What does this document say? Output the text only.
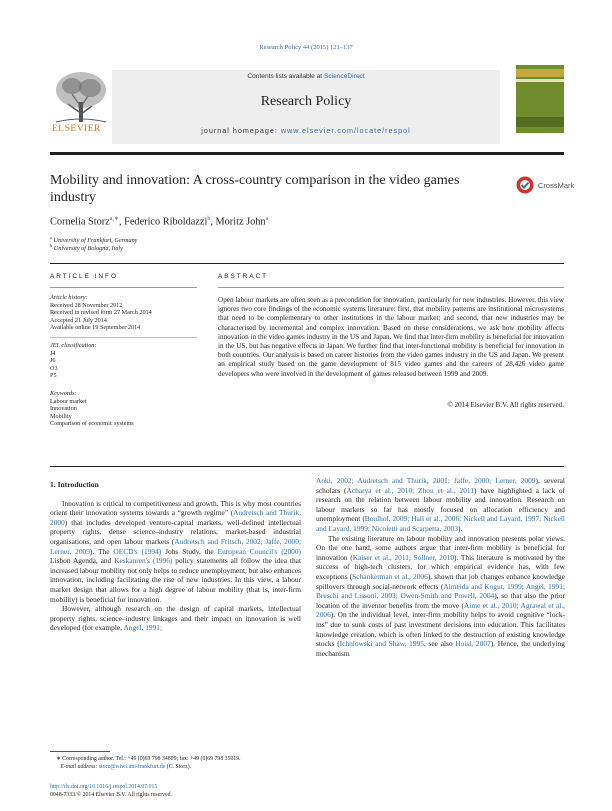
Research Policy 44 (2015) 121–137
Contents lists available at ScienceDirect
Research Policy
journal homepage: www.elsevier.com/locate/respol
ELSEVIER
Mobility and innovation: A cross-country comparison in the video games industry
CrossMark
Cornelia Storz$^{a,∗}$, Federico Riboldazzi$^b$, Moritz John$^a$
$^a$ University of Frankfurt, Germany
$^b$ University of Bologna, Italy
ARTICLE INFO
Article history:
Received 28 November 2012
Received in revised form 27 March 2014
Accepted 21 July 2014
Available online 19 September 2014
JEL classification:
J4
J6
O3
P5
Keywords:
Labour market
Innovation
Mobility
Comparison of economic systems
ABSTRACT
Open labour markets are often seen as a precondition for innovation, particularly for new industries. However, this view ignores two core findings of the economic systems literature: first, that mobility patterns are institutional microsystems that need to be complementary to other institutions in the labour market; and second, that new industries may be characterised by incremental and complex innovation. Based on these considerations, we ask how mobility affects innovation in the video games industry in the US and Japan. We find that inter-firm mobility is beneficial for innovation in the US, but has negative effects in Japan. We further find that inter-functional mobility is beneficial for innovation in both countries. Our analysis is based on career histories from the video games industry in the US and Japan. We present an empirical study based on the game development of 815 video games and the careers of 28,426 video game developers who were involved in the development of games released between 1999 and 2009.
© 2014 Elsevier B.V. All rights reserved.

1. Introduction

Innovation is critical to competitiveness and growth. This is why most countries orient their innovation systems towards a “growth regime” (Audretsch and Thurik, 2000) that includes developed venture-capital markets, well-defined intellectual property rights, dense science–industry relations, market-based industrial organisations, and open labour markets (Audretsch and Fritsch, 2002; Jaffe, 2000; Lerner, 2009). The OECD's (1994) Jobs Study, the European Council's (2000) Lisbon Agenda, and Keskanren's (1996) policy statements all follow the idea that increased labour mobility not only helps to reduce unemployment, but also enhances innovation, including facilitating the rise of new industries. In this view, a labour market design that allows for a high degree of labour mobility (that is, inter-firm mobility) is beneficial for innovation.

However, although research on the design of capital markets, intellectual property rights, science–industry linkages and their impact on innovation is well developed (for example, Angel, 1991;

Aoki, 2002; Audretsch and Thurik, 2001; Jaffe, 2000; Lerner, 2009), several scholars (Acharya et al., 2010; Zhou et al., 2011) have highlighted a lack of research on the relation between labour mobility and innovation. Research on labour markets so far has mostly focused on allocation efficiency and unemployment (Boulhol, 2009; Hall et al., 2006; Nickell and Layard, 1997; Nickell and Layard, 1999; Nicoletti and Scarpetta, 2003).

The existing literature on labour mobility and innovation presents polar views. On the one hand, some authors argue that inter-firm mobility is beneficial for innovation (Kaiser et al., 2011; Söllner, 2010). This literature is motivated by the success of high-tech clusters, for which empirical evidence has, with few exceptions (Schankerman et al., 2006), shown that job changes enhance knowledge spillovers through social-network effects (Almeida and Kogut, 1999; Angel, 1991; Breschi and Lissoni, 2003; Owen-Smith and Powell, 2004), so that also the prior location of the inventor benefits from the move (Aime et al., 2010; Agrawal et al., 2006). On the individual level, inter-firm mobility helps to avoid cognitive “lock-ins” due to sunk costs of past investment decisions into education. This facilitates knowledge creation, which is often linked to the destruction of existing knowledge stocks (Ichniowski and Shaw, 1995, see also Hoisl, 2007). Hence, the underlying mechanism

∗ Corresponding author. Tel.: +49 (0)69 798 34809; fax: +49 (0)69 798 35019.
E-mail address: storz@wiwi.uni-frankfurt.de (C. Storz).
http://dx.doi.org/10.1016/j.respol.2014.07.015
0048-7333/© 2014 Elsevier B.V. All rights reserved.
